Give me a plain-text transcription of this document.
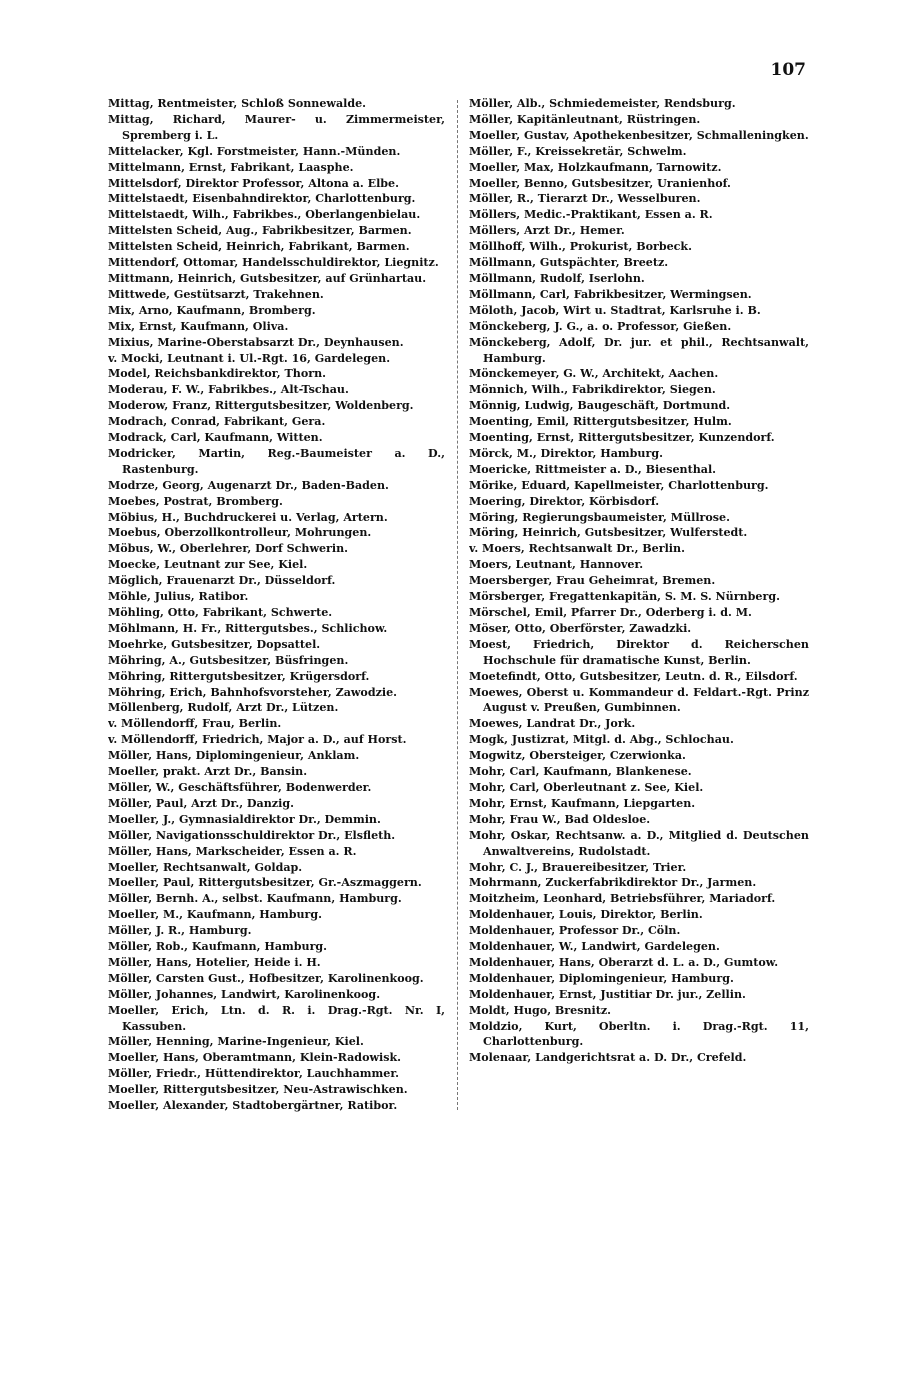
107
Mittag, Rentmeister, Schloß Sonnewalde.
Mittag, Richard, Maurer- u. Zimmermeister, Spremberg i. L.
Mittelacker, Kgl. Forstmeister, Hann.-Münden.
Mittelmann, Ernst, Fabrikant, Laasphe.
Mittelsdorf, Direktor Professor, Altona a. Elbe.
Mittelstaedt, Eisenbahndirektor, Charlottenburg.
Mittelstaedt, Wilh., Fabrikbes., Oberlangenbielau.
Mittelsten Scheid, Aug., Fabrikbesitzer, Barmen.
Mittelsten Scheid, Heinrich, Fabrikant, Barmen.
Mittendorf, Ottomar, Handelsschuldirektor, Liegnitz.
Mittmann, Heinrich, Gutsbesitzer, auf Grünhartau.
Mittwede, Gestütsarzt, Trakehnen.
Mix, Arno, Kaufmann, Bromberg.
Mix, Ernst, Kaufmann, Oliva.
Mixius, Marine-Oberstabsarzt Dr., Deynhausen.
v. Mocki, Leutnant i. Ul.-Rgt. 16, Gardelegen.
Model, Reichsbankdirektor, Thorn.
Moderau, F. W., Fabrikbes., Alt-Tschau.
Moderow, Franz, Rittergutsbesitzer, Woldenberg.
Modrach, Conrad, Fabrikant, Gera.
Modrack, Carl, Kaufmann, Witten.
Modricker, Martin, Reg.-Baumeister a. D., Rastenburg.
Modrze, Georg, Augenarzt Dr., Baden-Baden.
Moebes, Postrat, Bromberg.
Möbius, H., Buchdruckerei u. Verlag, Artern.
Moebus, Oberzollkontrolleur, Mohrungen.
Möbus, W., Oberlehrer, Dorf Schwerin.
Moecke, Leutnant zur See, Kiel.
Möglich, Frauenarzt Dr., Düsseldorf.
Möhle, Julius, Ratibor.
Möhling, Otto, Fabrikant, Schwerte.
Möhlmann, H. Fr., Rittergutsbes., Schlichow.
Moehrke, Gutsbesitzer, Dopsattel.
Möhring, A., Gutsbesitzer, Büsfringen.
Möhring, Rittergutsbesitzer, Krügersdorf.
Möhring, Erich, Bahnhofsvorsteher, Zawodzie.
Möllenberg, Rudolf, Arzt Dr., Lützen.
v. Möllendorff, Frau, Berlin.
v. Möllendorff, Friedrich, Major a. D., auf Horst.
Möller, Hans, Diplomingenieur, Anklam.
Moeller, prakt. Arzt Dr., Bansin.
Möller, W., Geschäftsführer, Bodenwerder.
Möller, Paul, Arzt Dr., Danzig.
Moeller, J., Gymnasialdirektor Dr., Demmin.
Möller, Navigationsschuldirektor Dr., Elsfleth.
Möller, Hans, Markscheider, Essen a. R.
Moeller, Rechtsanwalt, Goldap.
Moeller, Paul, Rittergutsbesitzer, Gr.-Aszmaggern.
Möller, Bernh. A., selbst. Kaufmann, Hamburg.
Moeller, M., Kaufmann, Hamburg.
Möller, J. R., Hamburg.
Möller, Rob., Kaufmann, Hamburg.
Möller, Hans, Hotelier, Heide i. H.
Möller, Carsten Gust., Hofbesitzer, Karolinenkoog.
Möller, Johannes, Landwirt, Karolinenkoog.
Moeller, Erich, Ltn. d. R. i. Drag.-Rgt. Nr. I, Kassuben.
Möller, Henning, Marine-Ingenieur, Kiel.
Moeller, Hans, Oberamtmann, Klein-Radowisk.
Möller, Friedr., Hüttendirektor, Lauchhammer.
Moeller, Rittergutsbesitzer, Neu-Astrawischken.
Moeller, Alexander, Stadtobergärtner, Ratibor.
Möller, Alb., Schmiedemeister, Rendsburg.
Möller, Kapitänleutnant, Rüstringen.
Moeller, Gustav, Apothekenbesitzer, Schmalleningken.
Möller, F., Kreissekretär, Schwelm.
Moeller, Max, Holzkaufmann, Tarnowitz.
Moeller, Benno, Gutsbesitzer, Uranienhof.
Möller, R., Tierarzt Dr., Wesselburen.
Möllers, Medic.-Praktikant, Essen a. R.
Möllers, Arzt Dr., Hemer.
Möllhoff, Wilh., Prokurist, Borbeck.
Möllmann, Gutspächter, Breetz.
Möllmann, Rudolf, Iserlohn.
Möllmann, Carl, Fabrikbesitzer, Wermingsen.
Möloth, Jacob, Wirt u. Stadtrat, Karlsruhe i. B.
Mönckeberg, J. G., a. o. Professor, Gießen.
Mönckeberg, Adolf, Dr. jur. et phil., Rechtsanwalt, Hamburg.
Mönckemeyer, G. W., Architekt, Aachen.
Mönnich, Wilh., Fabrikdirektor, Siegen.
Mönnig, Ludwig, Baugeschäft, Dortmund.
Moenting, Emil, Rittergutsbesitzer, Hulm.
Moenting, Ernst, Rittergutsbesitzer, Kunzendorf.
Mörck, M., Direktor, Hamburg.
Moericke, Rittmeister a. D., Biesenthal.
Mörike, Eduard, Kapellmeister, Charlottenburg.
Moering, Direktor, Körbisdorf.
Möring, Regierungsbaumeister, Müllrose.
Möring, Heinrich, Gutsbesitzer, Wulferstedt.
v. Moers, Rechtsanwalt Dr., Berlin.
Moers, Leutnant, Hannover.
Moersberger, Frau Geheimrat, Bremen.
Mörsberger, Fregattenkapitän, S. M. S. Nürnberg.
Mörschel, Emil, Pfarrer Dr., Oderberg i. d. M.
Möser, Otto, Oberförster, Zawadzki.
Moest, Friedrich, Direktor d. Reicherschen Hochschule für dramatische Kunst, Berlin.
Moetefindt, Otto, Gutsbesitzer, Leutn. d. R., Eilsdorf.
Moewes, Oberst u. Kommandeur d. Feldart.-Rgt. Prinz August v. Preußen, Gumbinnen.
Moewes, Landrat Dr., Jork.
Mogk, Justizrat, Mitgl. d. Abg., Schlochau.
Mogwitz, Obersteiger, Czerwionka.
Mohr, Carl, Kaufmann, Blankenese.
Mohr, Carl, Oberleutnant z. See, Kiel.
Mohr, Ernst, Kaufmann, Liepgarten.
Mohr, Frau W., Bad Oldesloe.
Mohr, Oskar, Rechtsanw. a. D., Mitglied d. Deutschen Anwaltvereins, Rudolstadt.
Mohr, C. J., Brauereibesitzer, Trier.
Mohrmann, Zuckerfabrikdirektor Dr., Jarmen.
Moitzheim, Leonhard, Betriebsführer, Mariadorf.
Moldenhauer, Louis, Direktor, Berlin.
Moldenhauer, Professor Dr., Cöln.
Moldenhauer, W., Landwirt, Gardelegen.
Moldenhauer, Hans, Oberarzt d. L. a. D., Gumtow.
Moldenhauer, Diplomingenieur, Hamburg.
Moldenhauer, Ernst, Justitiar Dr. jur., Zellin.
Moldt, Hugo, Bresnitz.
Moldzio, Kurt, Oberltn. i. Drag.-Rgt. 11, Charlottenburg.
Molenaar, Landgerichtsrat a. D. Dr., Crefeld.
